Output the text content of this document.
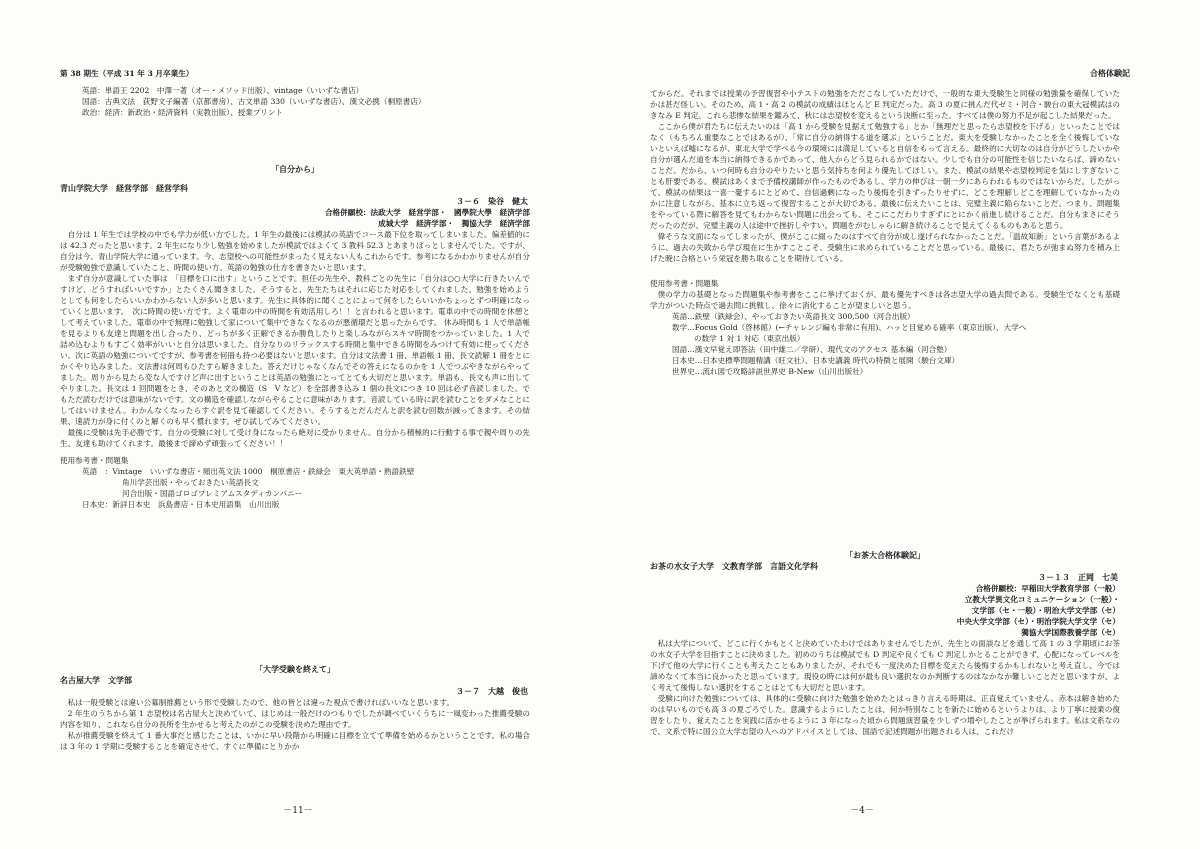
第 38 期生（平成 31 年 3 月卒業生）

英語：単語王 2202　中澤一著（オー・メソッド出版）、vintage（いいずな書店）

国語：古典文法　荻野文子編著（京都書房）、古文単語 330（いいずな書店）、漢文必携（桐原書店）

政治：経済：新政治・経済資料（実教出版）、授業プリント

「自分から」

青山学院大学　経営学部　経営学科

３－６　染谷　健太

合格併願校：法政大学　経営学部・　國學院大學　経済学部

成城大学　経済学部・　獨協大学　経済学部

自分は 1 年生では学校の中でも学力が低い方でした。1 年生の最後には模試の英語でコース最下位を取ってしまいました。偏差値的には 42.3 だったと思います。2 年生になり少し勉強を始めましたが模試ではよくて 3 教科 52.3 とあまりぱっとしませんでした。ですが、自分は今、青山学院大学に通っています。今、志望校への可能性がまったく見えない人もこれからです。参考になるかわかりませんが自分が受験勉強で意識していたこと、時間の使い方、英語の勉強の仕方を書きたいと思います。

まず自分が意識していた事は　「目標を口に出す」ということです。担任の先生や、教科ごとの先生に「自分は○○大学に行きたいんですけど、どうすればいいですか」とたくさん聞きました。そうすると、先生たちはそれに応じた対応をしてくれました。勉強を始めようとしても何をしたらいいかわからない人が多いと思います。先生に具体的に聞くことによって何をしたらいいかちょっとずつ明確になっていくと思います。　次に時間の使い方です。よく電車の中の時間を有効活用しろ！！と言われると思います。電車の中での時間を休憩として考えていました。電車の中で無理に勉強して家について集中できなくなるのが悪循環だと思ったからです。 休み時間も 1 人で単語帳を見るよりも友達と問題を出し合ったり、どっちが多く正解できるか勝負したりと楽しみながらスキマ時間をつかっていました。1 人で詰め込むよりもすごく効率がいいと自分は思いました。自分なりのリラックスする時間と集中できる時間をみつけて有効に使ってください。次に英語の勉強についてですが、参考書を何冊も持つ必要はないと思います。自分は文法書 1 冊、単語帳 1 冊、長文読解 1 冊をとにかくやり込みました。文法書は何周もひたすら解きました。答えだけじゃなくなんでその答えになるのかを 1 人でつぶやきながらやってました。周りから見たら変な人ですけど声に出すということは英語の勉強にとってとても大切だと思います。単語も、長文も声に出してやりました。長文は 1 回問題をとき、そのあと文の構造（S　V など）を全部書き込み 1 個の長文につき 10 回は必ず音読しました。でもただ読むだけでは意味がないです。文の構造を確認しながらやることに意味があります。音読している時に訳を読むことをダメなことにしてはいけません。わかんなくなったらすぐ訳を見て確認してください。そうするとだんだんと訳を読む回数が減ってきます。その結果、速読力が身に付くのと解くのも早く慣れます。ぜひ試してみてください。

最後に受験は先手必勝です。自分の受験に対して受け身になったら絶対に受かりません。自分から積極的に行動する事で親や周りの先生、友達も助けてくれます。最後まで諦めず頑張ってください！！

使用参考書・問題集

英語　：Vintage　いいずな書店・頻出英文法 1000　桐原書店・鉄緑会　東大英単語・熟語鉄壁

角川学芸出版・やっておきたい英語長文

河合出版・国語ゴロゴプレミアムスタディカンパニー

日本史：新詳日本史　浜島書店・日本史用語集　山川出版

「大学受験を終えて」

名古屋大学　文学部

３－７　大越　俊也

私は一般受験とは違い公募制推薦という形で受験したので、他の皆とは違った視点で書ければいいなと思います。

2 年生のうちから第 1 志望校は名古屋大と決めていて、はじめは一般だけのつもりでしたが調べていくうちに一風変わった推薦受験の内容を知り、これなら自分の長所を生かせると考えたのがこの受験を決めた理由です。

私が推薦受験を終えて 1 番大事だと感じたことは、いかに早い段階から明確に目標を立てて準備を始めるかということです。私の場合は 3 年の 1 学期に受験することを確定させて、すぐに準備にとりかか

－11－
合格体験記

てからだ。それまでは授業の予習復習や小テストの勉強をただこなしていただけで、一般的な東大受験生と同様の勉強量を確保していたかは甚だ怪しい。そのため、高 1・高 2 の模試の成績はほとんど E 判定だった。高 3 の夏に挑んだ代ゼミ・河合・駿台の東大冠模試はのきなみ E 判定。これら悲惨な結果を鑑みて、秋には志望校を変えるという決断に至った。すべては僕の努力不足が起こした結果だった。

ここから僕が君たちに伝えたいのは「高 1 から受験を見据えて勉強する」とか「無理だと思ったら志望校を下げる」といったことではなく（もちろん重要なことではあるが）、「常に自分の納得する道を選ぶ」ということだ。東大を受験しなかったことを全く後悔していないといえば嘘になるが、東北大学で学べる今の環境には満足していると自信をもって言える。最終的に大切なのは自分がどうしたいかや自分が選んだ道を本当に納得できるかであって、他人からどう見られるかではない。少しでも自分の可能性を信じたいならば、諦めないことだ。だから、いつ何時も自分のやりたいと思う気持ちを何より優先してほしい。また、模試の結果や志望校判定を気にしすぎないことも肝要である。模試はあくまで予備校講師が作ったものであるし、学力の伸びは一朝一夕にあらわれるものではないからだ。したがって、模試の結果は一喜一憂するにとどめて、自信過剰になったり後悔を引きずったりせずに、どこを理解しどこを理解していなかったのかに注意しながら、基本に立ち返って復習することが大切である。最後に伝えたいことは、完璧主義に陥らないことだ。つまり、問題集をやっている際に解答を見てもわからない問題に出会っても、そこにこだわりすぎずにとにかく前進し続けることだ。自分もまさにそうだったのだが、完璧主義の人は途中で挫折しやすい。問題をがむしゃらに解き続けることで見えてくるものもあると思う。

偉そうな文面になってしまったが、僕がここに綴ったのはすべて自分が成し遂げられなかったことだ。「温故知新」という言葉があるように、過去の失敗から学び現在に生かすことこそ、受験生に求められていることだと思っている。最後に、君たちが弛まぬ努力を積み上げた暁に合格という栄冠を勝ち取ることを期待している。

使用参考書・問題集

僕の学力の基礎となった問題集や参考書をここに挙げておくが、最も優先すべきは各志望大学の過去問である。受験生でなくとも基礎学力がついた時点で過去問に挑戦し、徐々に消化することが望ましいと思う。

英語…鉄壁（鉄緑会）、やっておきたい英語長文 300,500（河合出版）

数学…Focus Gold（啓林館）(←チャレンジ編も非常に有用)、ハッと目覚める確率（東京出版）、大学へ

の数学 1 対 1 対応（東京出版）

国語…漢文早覚え即答法（田中雄二／学研）、現代文のアクセス 基本編（河合塾）

日本史…日本史標準問題精講（旺文社）、日本史講義 時代の特徴と展開（駿台文庫）

世界史…流れ図で攻略詳説世界史 B-New（山川出版社）

「お茶大合格体験記」

お茶の水女子大学　文教育学部　言語文化学科

３－１３　正岡　七美

合格併願校：早稲田大学教育学部（一般）

立教大学異文化コミュニケーション（一般）・

文学部（セ・一般）・明治大学文学部（セ）

中央大学文学部（セ）・明治学院大学文学（セ）

獨協大学国際教養学部（セ）

私は大学について、どこに行くかもとくと決めていたわけではありませんでしたが、先生との面談などを通して高 1 の 3 学期頃にお茶の水女子大学を目指すことに決めました。初めのうちは模試でも D 判定や良くても C 判定しかとることができず、心配になってレベルを下げて他の大学に行くことも考えたこともありましたが、それでも一度決めた目標を変えたら後悔するかもしれないと考え直し、今では諦めなくて本当に良かったと思っています。現役の時には何が最も良い選択なのか判断するのはなかなか難しいことだと思いますが、よく考えて後悔しない選択をすることはとても大切だと思います。

受験に向けた勉強については、具体的に受験に向けた勉強を始めたとはっきり言える時期は、正直覚えていません。赤本は解き始めたのは早いものでも高 3 の夏ごろでした。意識するようにしたことは、何か特別なことを新たに始めるというよりは、より丁寧に授業の復習をしたり、覚えたことを実践に活かせるように 3 年になった頃から問題演習量を少しずつ増やしたことが挙げられます。私は文系なので、文系で特に国公立大学志望の人へのアドバイスとしては、国語で記述問題が出題される人は、これだけ

－4－
